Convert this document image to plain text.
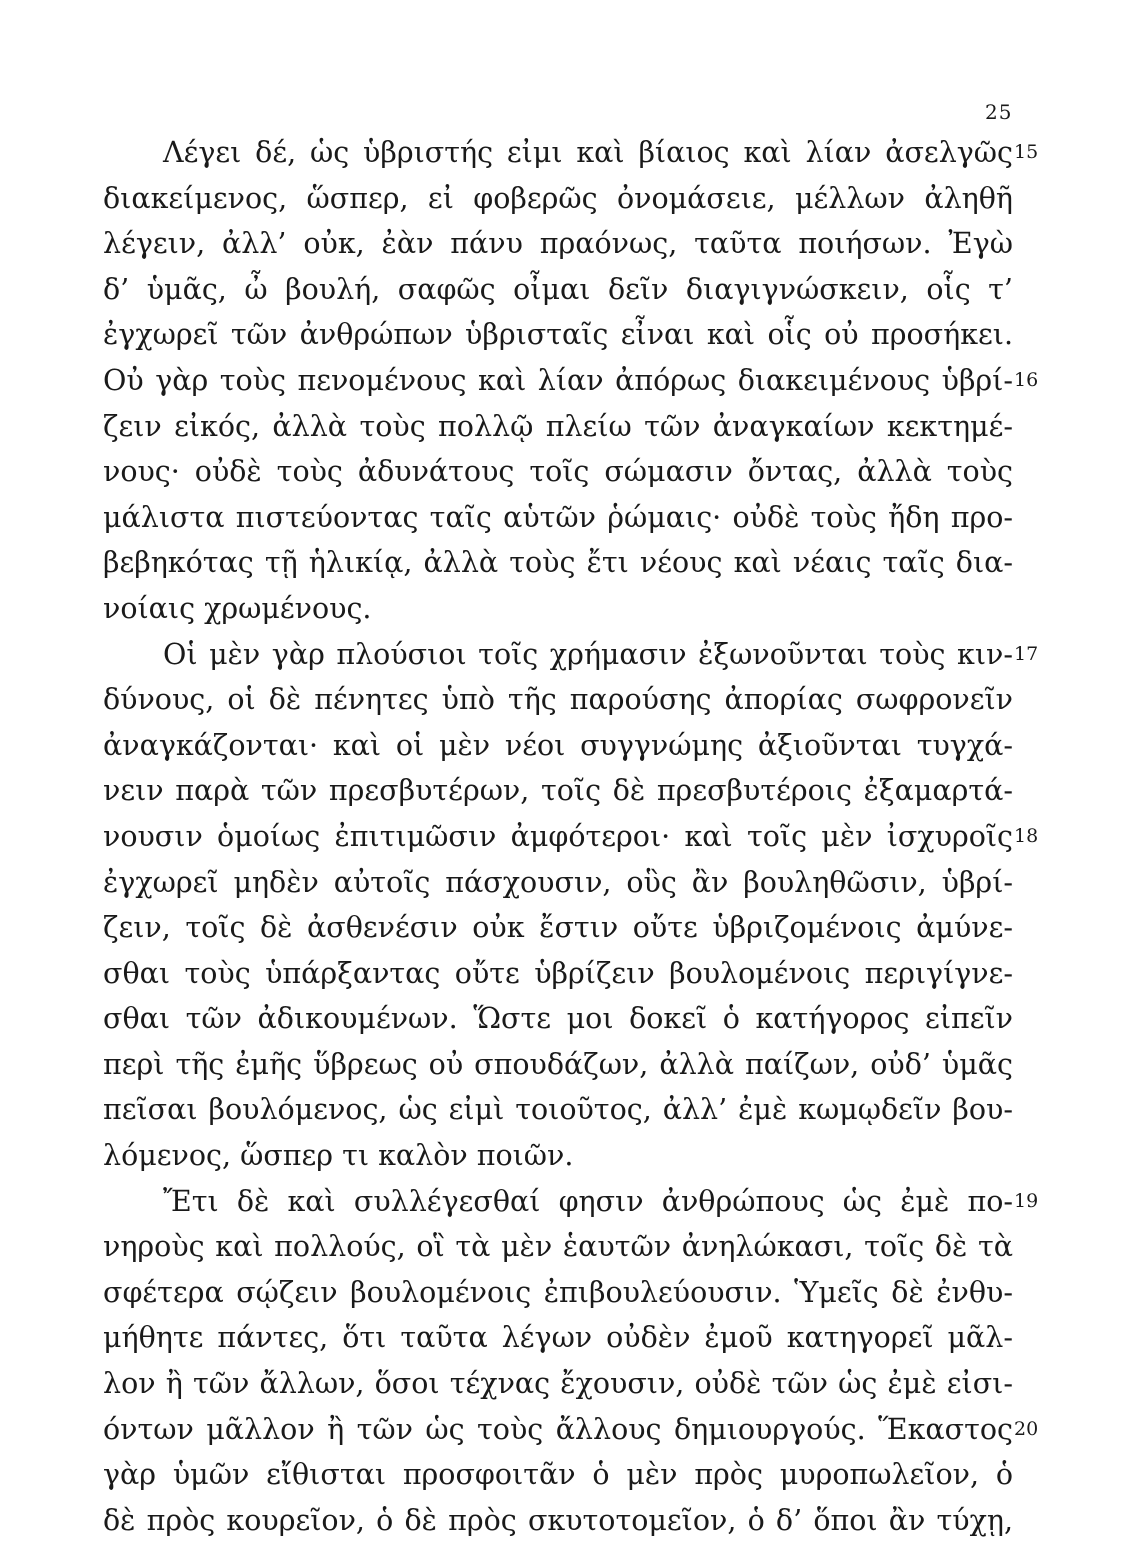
25
Λέγει δέ, ὡς ὑβριστής εἰμι καὶ βίαιος καὶ λίαν ἀσελγῶς
διακείμενος, ὥσπερ, εἰ φοβερῶς ὀνομάσειε, μέλλων ἀληθῆ
λέγειν, ἀλλ’ οὐκ, ἐὰν πάνυ πραόνως, ταῦτα ποιήσων. Ἐγὼ
δ’ ὑμᾶς, ὦ βουλή, σαφῶς οἶμαι δεῖν διαγιγνώσκειν, οἷς τ’
ἐγχωρεῖ τῶν ἀνθρώπων ὑβρισταῖς εἶναι καὶ οἷς οὐ προσήκει.
Οὐ γὰρ τοὺς πενομένους καὶ λίαν ἀπόρως διακειμένους ὑβρί-
ζειν εἰκός, ἀλλὰ τοὺς πολλῷ πλείω τῶν ἀναγκαίων κεκτημέ-
νους· οὐδὲ τοὺς ἀδυνάτους τοῖς σώμασιν ὄντας, ἀλλὰ τοὺς
μάλιστα πιστεύοντας ταῖς αὑτῶν ῥώμαις· οὐδὲ τοὺς ἤδη προ-
βεβηκότας τῇ ἡλικίᾳ, ἀλλὰ τοὺς ἔτι νέους καὶ νέαις ταῖς δια-
νοίαις χρωμένους.
Οἱ μὲν γὰρ πλούσιοι τοῖς χρήμασιν ἐξωνοῦνται τοὺς κιν-
δύνους, οἱ δὲ πένητες ὑπὸ τῆς παρούσης ἀπορίας σωφρονεῖν
ἀναγκάζονται· καὶ οἱ μὲν νέοι συγγνώμης ἀξιοῦνται τυγχά-
νειν παρὰ τῶν πρεσβυτέρων, τοῖς δὲ πρεσβυτέροις ἐξαμαρτά-
νουσιν ὁμοίως ἐπιτιμῶσιν ἀμφότεροι· καὶ τοῖς μὲν ἰσχυροῖς
ἐγχωρεῖ μηδὲν αὐτοῖς πάσχουσιν, οὓς ἂν βουληθῶσιν, ὑβρί-
ζειν, τοῖς δὲ ἀσθενέσιν οὐκ ἔστιν οὔτε ὑβριζομένοις ἀμύνε-
σθαι τοὺς ὑπάρξαντας οὔτε ὑβρίζειν βουλομένοις περιγίγνε-
σθαι τῶν ἀδικουμένων. Ὥστε μοι δοκεῖ ὁ κατήγορος εἰπεῖν
περὶ τῆς ἐμῆς ὕβρεως οὐ σπουδάζων, ἀλλὰ παίζων, οὐδ’ ὑμᾶς
πεῖσαι βουλόμενος, ὡς εἰμὶ τοιοῦτος, ἀλλ’ ἐμὲ κωμῳδεῖν βου-
λόμενος, ὥσπερ τι καλὸν ποιῶν.
Ἔτι δὲ καὶ συλλέγεσθαί φησιν ἀνθρώπους ὡς ἐμὲ πο-
νηροὺς καὶ πολλούς, οἳ τὰ μὲν ἑαυτῶν ἀνηλώκασι, τοῖς δὲ τὰ
σφέτερα σῴζειν βουλομένοις ἐπιβουλεύουσιν. Ὑμεῖς δὲ ἐνθυ-
μήθητε πάντες, ὅτι ταῦτα λέγων οὐδὲν ἐμοῦ κατηγορεῖ μᾶλ-
λον ἢ τῶν ἄλλων, ὅσοι τέχνας ἔχουσιν, οὐδὲ τῶν ὡς ἐμὲ εἰσι-
όντων μᾶλλον ἢ τῶν ὡς τοὺς ἄλλους δημιουργούς. Ἕκαστος
γὰρ ὑμῶν εἴθισται προσφοιτᾶν ὁ μὲν πρὸς μυροπωλεῖον, ὁ
δὲ πρὸς κουρεῖον, ὁ δὲ πρὸς σκυτοτομεῖον, ὁ δ’ ὅποι ἂν τύχῃ,
15
16
17
18
19
20
